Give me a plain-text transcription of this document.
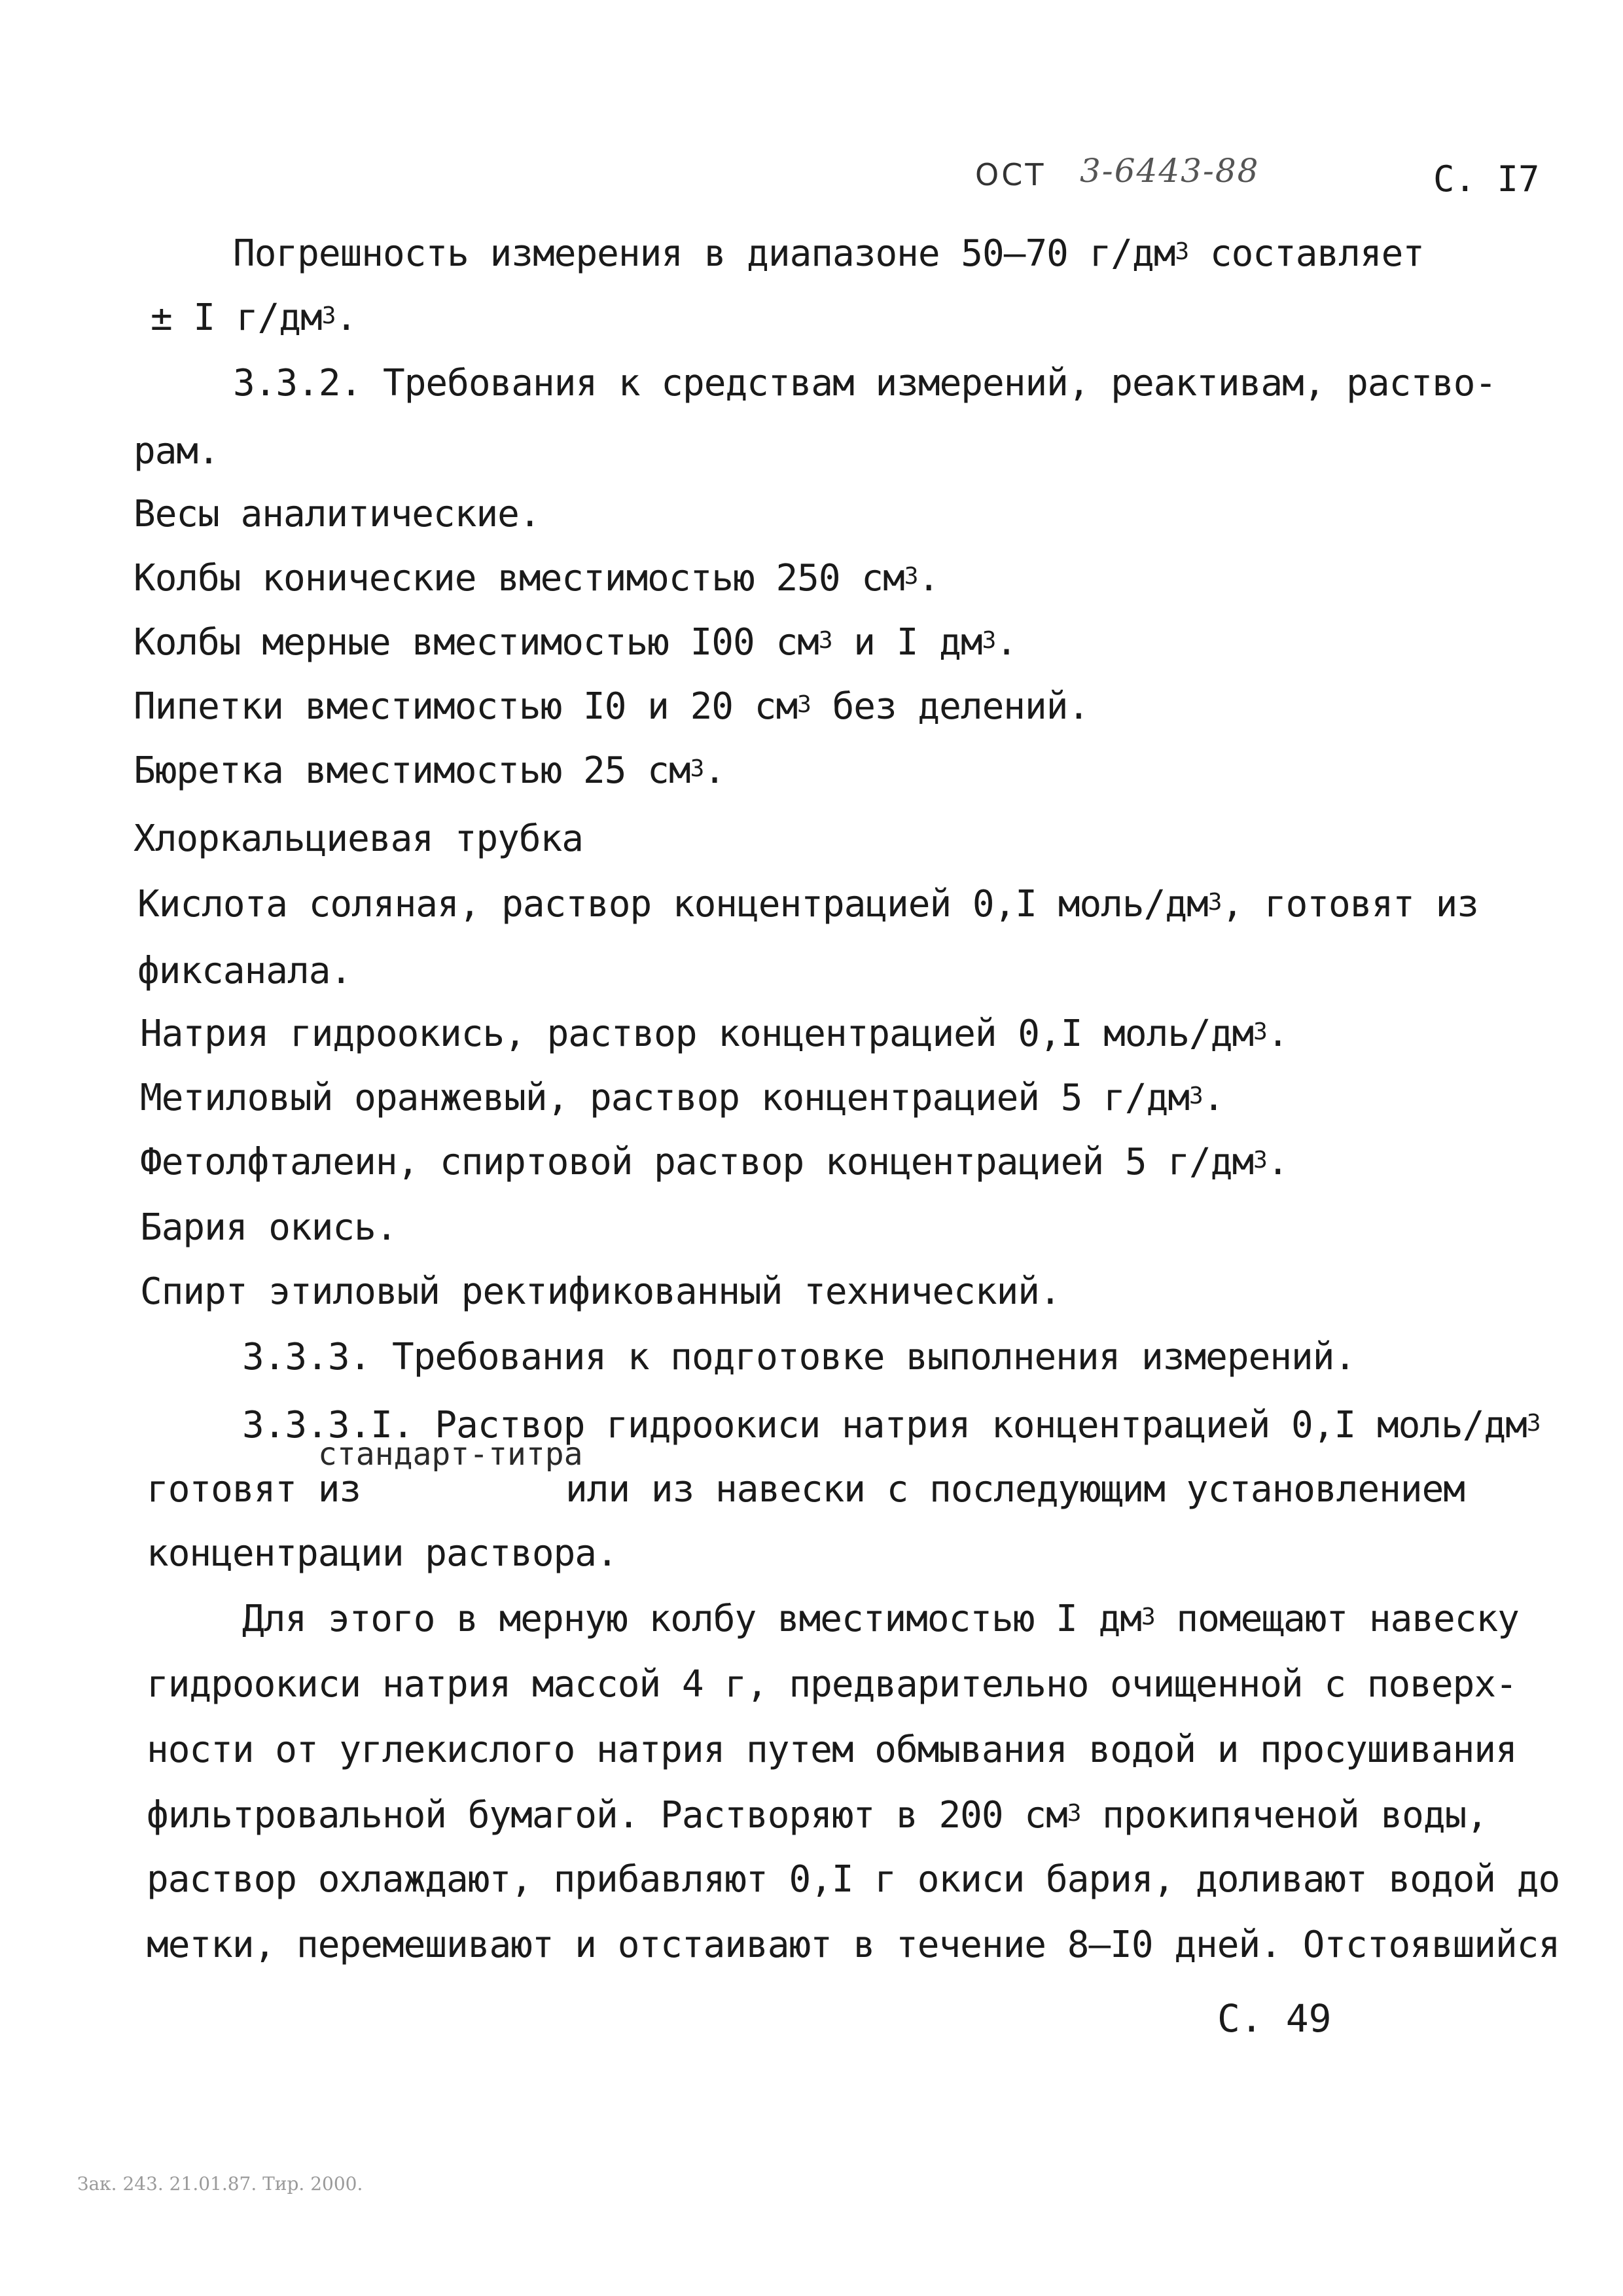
ОСТ 3-6443-88	С. I7
Погрешность измерения в диапазоне 50–70 $г/дм^3$ составляет
± I $г/дм^3$.
3.3.2. Требования к средствам измерений, реактивам, раство-
рам.
Весы аналитические.
Колбы конические вместимостью 250 $см^3$.
Колбы мерные вместимостью I00 $см^3$ и I $дм^3$.
Пипетки вместимостью I0 и 20 $см^3$ без делений.
Бюретка вместимостью 25 $см^3$.
Хлоркальциевая трубка
Кислота соляная, раствор концентрацией 0,I моль/$дм^3$, готовят из
фиксанала.
Натрия гидроокись, раствор концентрацией 0,I моль/$дм^3$.
Метиловый оранжевый, раствор концентрацией 5 $г/дм^3$.
Фетолфталеин, спиртовой раствор концентрацией 5 $г/дм^3$.
Бария окись.
Спирт этиловый ректификованный технический.
3.3.3. Требования к подготовке выполнения измерений.
3.3.3.I. Раствор гидроокиси натрия концентрацией 0,I моль/$дм^3$
стандарт-титра
готовят из	или из навески с последующим установлением
концентрации раствора.
Для этого в мерную колбу вместимостью I $дм^3$ помещают навеску
гидроокиси натрия массой 4 г, предварительно очищенной с поверх-
ности от углекислого натрия путем обмывания водой и просушивания
фильтровальной бумагой. Растворяют в 200 $см^3$ прокипяченой воды,
раствор охлаждают, прибавляют 0,I г окиси бария, доливают водой до
метки, перемешивают и отстаивают в течение 8–I0 дней. Отстоявшийся
С. 49
Зак. 243. 21.01.87. Тир. 2000.
